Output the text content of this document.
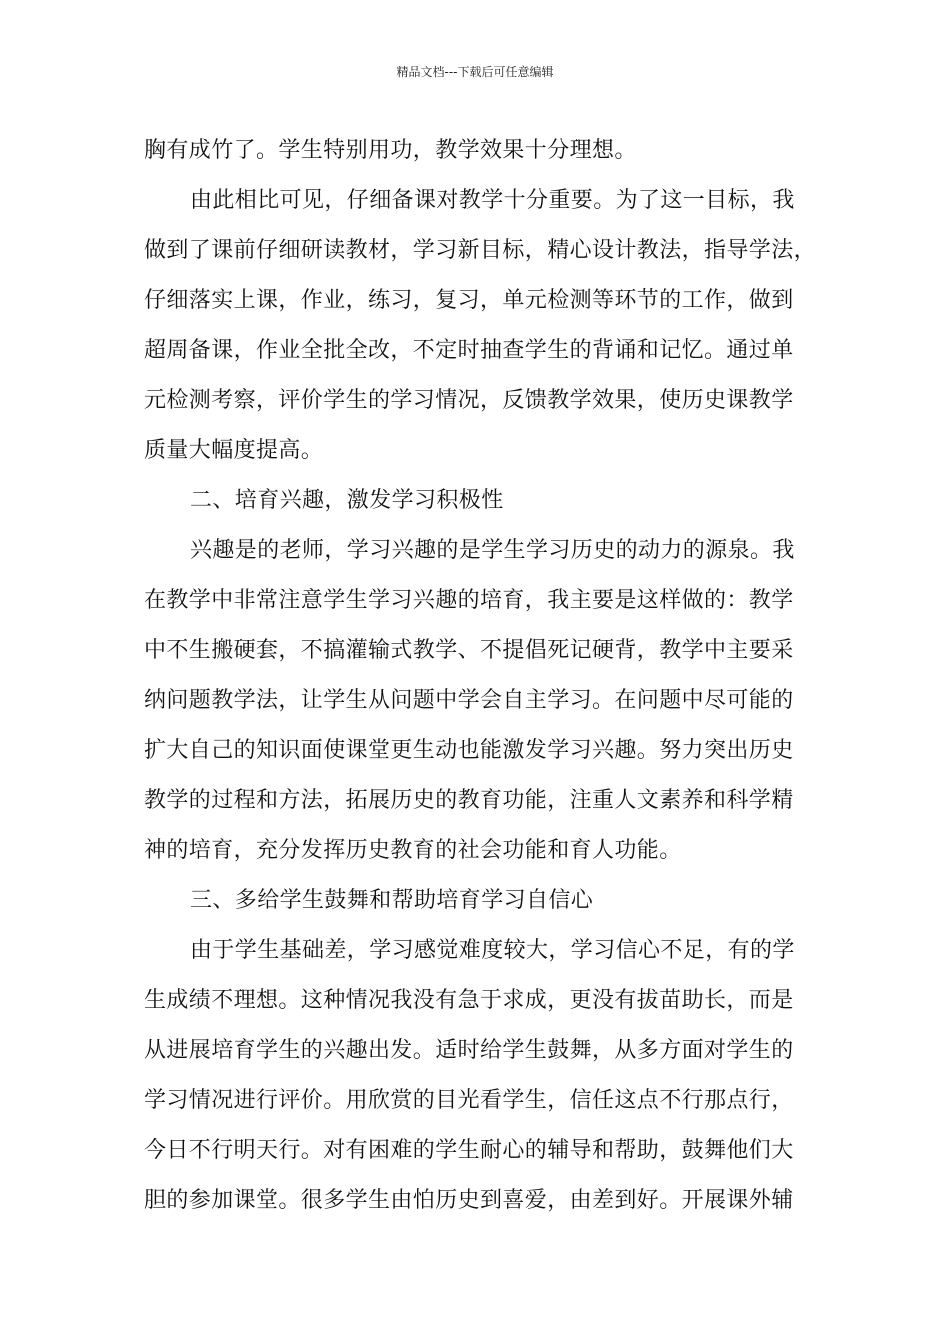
精品文档---下载后可任意编辑
胸有成竹了。学生特别用功，教学效果十分理想。
由此相比可见，仔细备课对教学十分重要。为了这一目标，我
做到了课前仔细研读教材，学习新目标，精心设计教法，指导学法，
仔细落实上课，作业，练习，复习，单元检测等环节的工作，做到
超周备课，作业全批全改，不定时抽查学生的背诵和记忆。通过单
元检测考察，评价学生的学习情况，反馈教学效果，使历史课教学
质量大幅度提高。
二、培育兴趣，激发学习积极性
兴趣是的老师，学习兴趣的是学生学习历史的动力的源泉。我
在教学中非常注意学生学习兴趣的培育，我主要是这样做的：教学
中不生搬硬套，不搞灌输式教学、不提倡死记硬背，教学中主要采
纳问题教学法，让学生从问题中学会自主学习。在问题中尽可能的
扩大自己的知识面使课堂更生动也能激发学习兴趣。努力突出历史
教学的过程和方法，拓展历史的教育功能，注重人文素养和科学精
神的培育，充分发挥历史教育的社会功能和育人功能。
三、多给学生鼓舞和帮助培育学习自信心
由于学生基础差，学习感觉难度较大，学习信心不足，有的学
生成绩不理想。这种情况我没有急于求成，更没有拔苗助长，而是
从进展培育学生的兴趣出发。适时给学生鼓舞，从多方面对学生的
学习情况进行评价。用欣赏的目光看学生，信任这点不行那点行，
今日不行明天行。对有困难的学生耐心的辅导和帮助，鼓舞他们大
胆的参加课堂。很多学生由怕历史到喜爱，由差到好。开展课外辅
